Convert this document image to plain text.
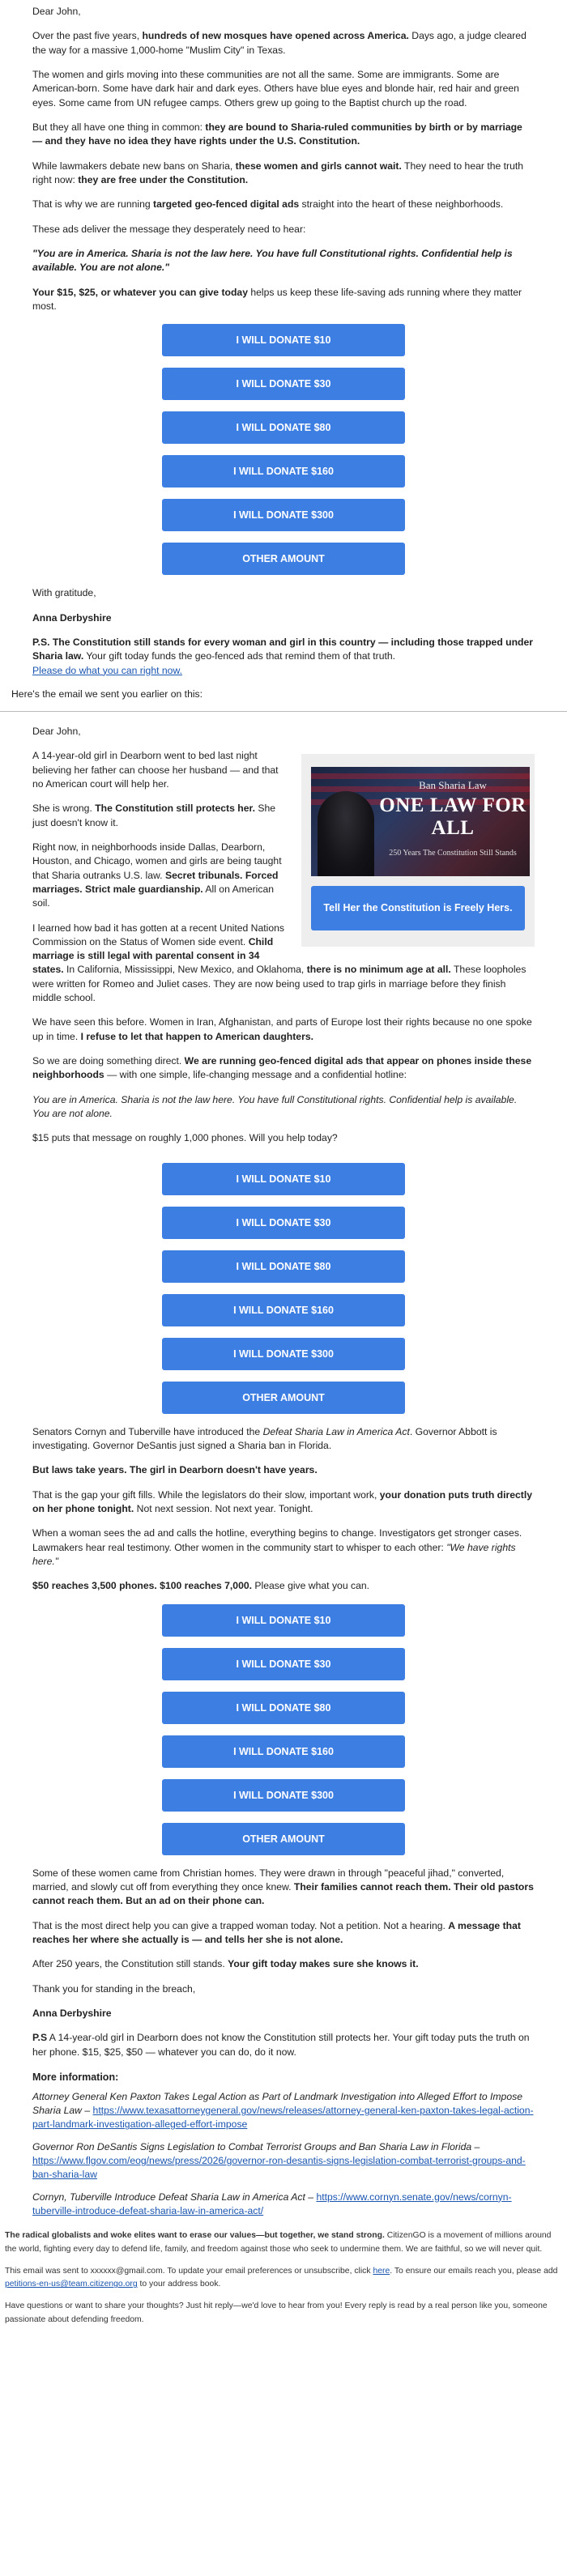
Dear John,

Over the past five years, hundreds of new mosques have opened across America. Days ago, a judge cleared the way for a massive 1,000-home "Muslim City" in Texas.

The women and girls moving into these communities are not all the same. Some are immigrants. Some are American-born. Some have dark hair and dark eyes. Others have blue eyes and blonde hair, red hair and green eyes. Some came from UN refugee camps. Others grew up going to the Baptist church up the road.

But they all have one thing in common: they are bound to Sharia-ruled communities by birth or by marriage — and they have no idea they have rights under the U.S. Constitution.

While lawmakers debate new bans on Sharia, these women and girls cannot wait. They need to hear the truth right now: they are free under the Constitution.

That is why we are running targeted geo-fenced digital ads straight into the heart of these neighborhoods.

These ads deliver the message they desperately need to hear:

"You are in America. Sharia is not the law here. You have full Constitutional rights. Confidential help is available. You are not alone."

Your $15, $25, or whatever you can give today helps us keep these life-saving ads running where they matter most.

I WILL DONATE $10
I WILL DONATE $30
I WILL DONATE $80
I WILL DONATE $160
I WILL DONATE $300
OTHER AMOUNT

With gratitude,

Anna Derbyshire

P.S. The Constitution still stands for every woman and girl in this country — including those trapped under Sharia law. Your gift today funds the geo-fenced ads that remind them of that truth.
Please do what you can right now.

Here's the email we sent you earlier on this:

Dear John,

Ban Sharia Law
ONE LAW FOR ALL
250 Years The Constitution Still Stands
Tell Her the Constitution is Freely Hers.

A 14-year-old girl in Dearborn went to bed last night believing her father can choose her husband — and that no American court will help her.

She is wrong. The Constitution still protects her. She just doesn't know it.

Right now, in neighborhoods inside Dallas, Dearborn, Houston, and Chicago, women and girls are being taught that Sharia outranks U.S. law. Secret tribunals. Forced marriages. Strict male guardianship. All on American soil.

I learned how bad it has gotten at a recent United Nations Commission on the Status of Women side event. Child marriage is still legal with parental consent in 34 states. In California, Mississippi, New Mexico, and Oklahoma, there is no minimum age at all. These loopholes were written for Romeo and Juliet cases. They are now being used to trap girls in marriage before they finish middle school.

We have seen this before. Women in Iran, Afghanistan, and parts of Europe lost their rights because no one spoke up in time. I refuse to let that happen to American daughters.

So we are doing something direct. We are running geo-fenced digital ads that appear on phones inside these neighborhoods — with one simple, life-changing message and a confidential hotline:

You are in America. Sharia is not the law here. You have full Constitutional rights. Confidential help is available. You are not alone.

$15 puts that message on roughly 1,000 phones. Will you help today?

I WILL DONATE $10
I WILL DONATE $30
I WILL DONATE $80
I WILL DONATE $160
I WILL DONATE $300
OTHER AMOUNT

Senators Cornyn and Tuberville have introduced the Defeat Sharia Law in America Act. Governor Abbott is investigating. Governor DeSantis just signed a Sharia ban in Florida.

But laws take years. The girl in Dearborn doesn't have years.

That is the gap your gift fills. While the legislators do their slow, important work, your donation puts truth directly on her phone tonight. Not next session. Not next year. Tonight.

When a woman sees the ad and calls the hotline, everything begins to change. Investigators get stronger cases. Lawmakers hear real testimony. Other women in the community start to whisper to each other: "We have rights here."

$50 reaches 3,500 phones. $100 reaches 7,000. Please give what you can.

I WILL DONATE $10
I WILL DONATE $30
I WILL DONATE $80
I WILL DONATE $160
I WILL DONATE $300
OTHER AMOUNT

Some of these women came from Christian homes. They were drawn in through "peaceful jihad," converted, married, and slowly cut off from everything they once knew. Their families cannot reach them. Their old pastors cannot reach them. But an ad on their phone can.

That is the most direct help you can give a trapped woman today. Not a petition. Not a hearing. A message that reaches her where she actually is — and tells her she is not alone.

After 250 years, the Constitution still stands. Your gift today makes sure she knows it.

Thank you for standing in the breach,

Anna Derbyshire

P.S A 14-year-old girl in Dearborn does not know the Constitution still protects her. Your gift today puts the truth on her phone. $15, $25, $50 — whatever you can do, do it now.

More information:

Attorney General Ken Paxton Takes Legal Action as Part of Landmark Investigation into Alleged Effort to Impose Sharia Law – https://www.texasattorneygeneral.gov/news/releases/attorney-general-ken-paxton-takes-legal-action-part-landmark-investigation-alleged-effort-impose

Governor Ron DeSantis Signs Legislation to Combat Terrorist Groups and Ban Sharia Law in Florida – https://www.flgov.com/eog/news/press/2026/governor-ron-desantis-signs-legislation-combat-terrorist-groups-and-ban-sharia-law

Cornyn, Tuberville Introduce Defeat Sharia Law in America Act – https://www.cornyn.senate.gov/news/cornyn-tuberville-introduce-defeat-sharia-law-in-america-act/

The radical globalists and woke elites want to erase our values—but together, we stand strong. CitizenGO is a movement of millions around the world, fighting every day to defend life, family, and freedom against those who seek to undermine them. We are faithful, so we will never quit.

This email was sent to xxxxxx@gmail.com. To update your email preferences or unsubscribe, click here. To ensure our emails reach you, please add petitions-en-us@team.citizengo.org to your address book.

Have questions or want to share your thoughts? Just hit reply—we'd love to hear from you! Every reply is read by a real person like you, someone passionate about defending freedom.
